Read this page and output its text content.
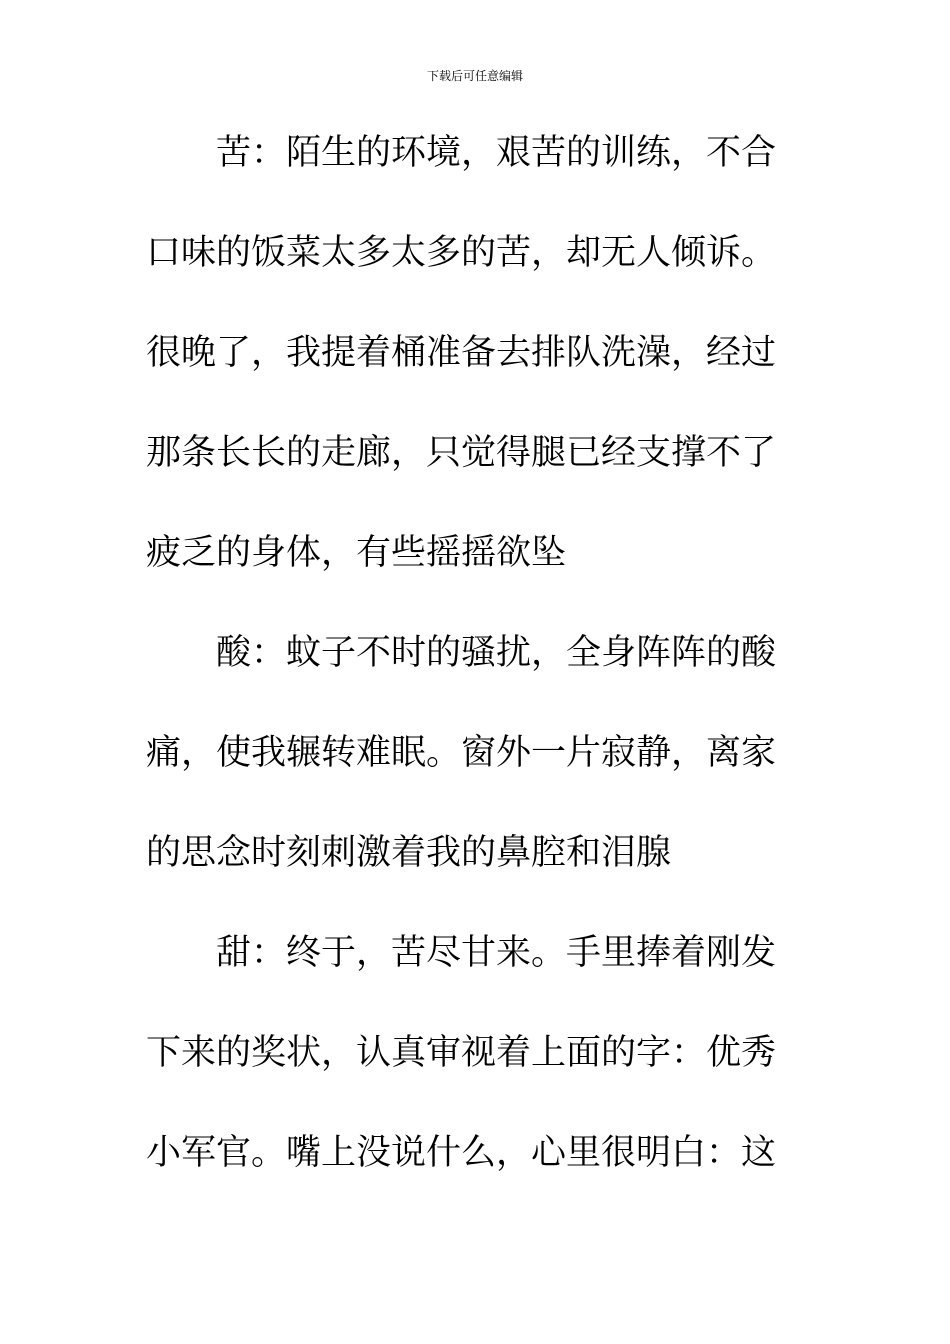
下载后可任意编辑
苦：陌生的环境，艰苦的训练，不合
口味的饭菜太多太多的苦，却无人倾诉。
很晚了，我提着桶准备去排队洗澡，经过
那条长长的走廊，只觉得腿已经支撑不了
疲乏的身体，有些摇摇欲坠
酸：蚊子不时的骚扰，全身阵阵的酸
痛，使我辗转难眠。窗外一片寂静，离家
的思念时刻刺激着我的鼻腔和泪腺
甜：终于，苦尽甘来。手里捧着刚发
下来的奖状，认真审视着上面的字：优秀
小军官。嘴上没说什么，心里很明白：这
